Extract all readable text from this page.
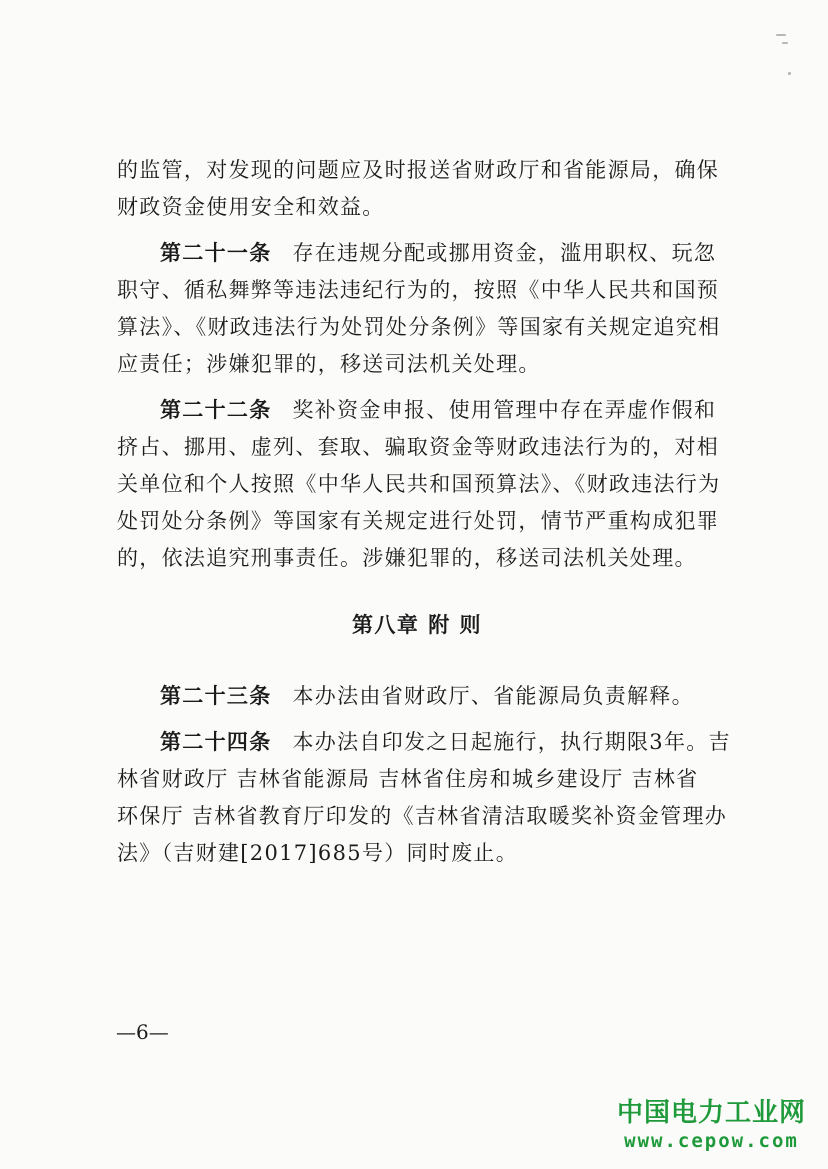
的监管，对发现的问题应及时报送省财政厅和省能源局，确保
财政资金使用安全和效益。
第二十一条 存在违规分配或挪用资金，滥用职权、玩忽
职守、循私舞弊等违法违纪行为的，按照《中华人民共和国预
算法》、《财政违法行为处罚处分条例》等国家有关规定追究相
应责任；涉嫌犯罪的，移送司法机关处理。
第二十二条 奖补资金申报、使用管理中存在弄虚作假和
挤占、挪用、虚列、套取、骗取资金等财政违法行为的，对相
关单位和个人按照《中华人民共和国预算法》、《财政违法行为
处罚处分条例》等国家有关规定进行处罚，情节严重构成犯罪
的，依法追究刑事责任。涉嫌犯罪的，移送司法机关处理。
第八章 附 则
第二十三条 本办法由省财政厅、省能源局负责解释。
第二十四条 本办法自印发之日起施行，执行期限3年。吉
林省财政厅 吉林省能源局 吉林省住房和城乡建设厅 吉林省
环保厅 吉林省教育厅印发的《吉林省清洁取暖奖补资金管理办
法》（吉财建[2017]685号）同时废止。
—6—
中国电力工业网
www.cepow.com
